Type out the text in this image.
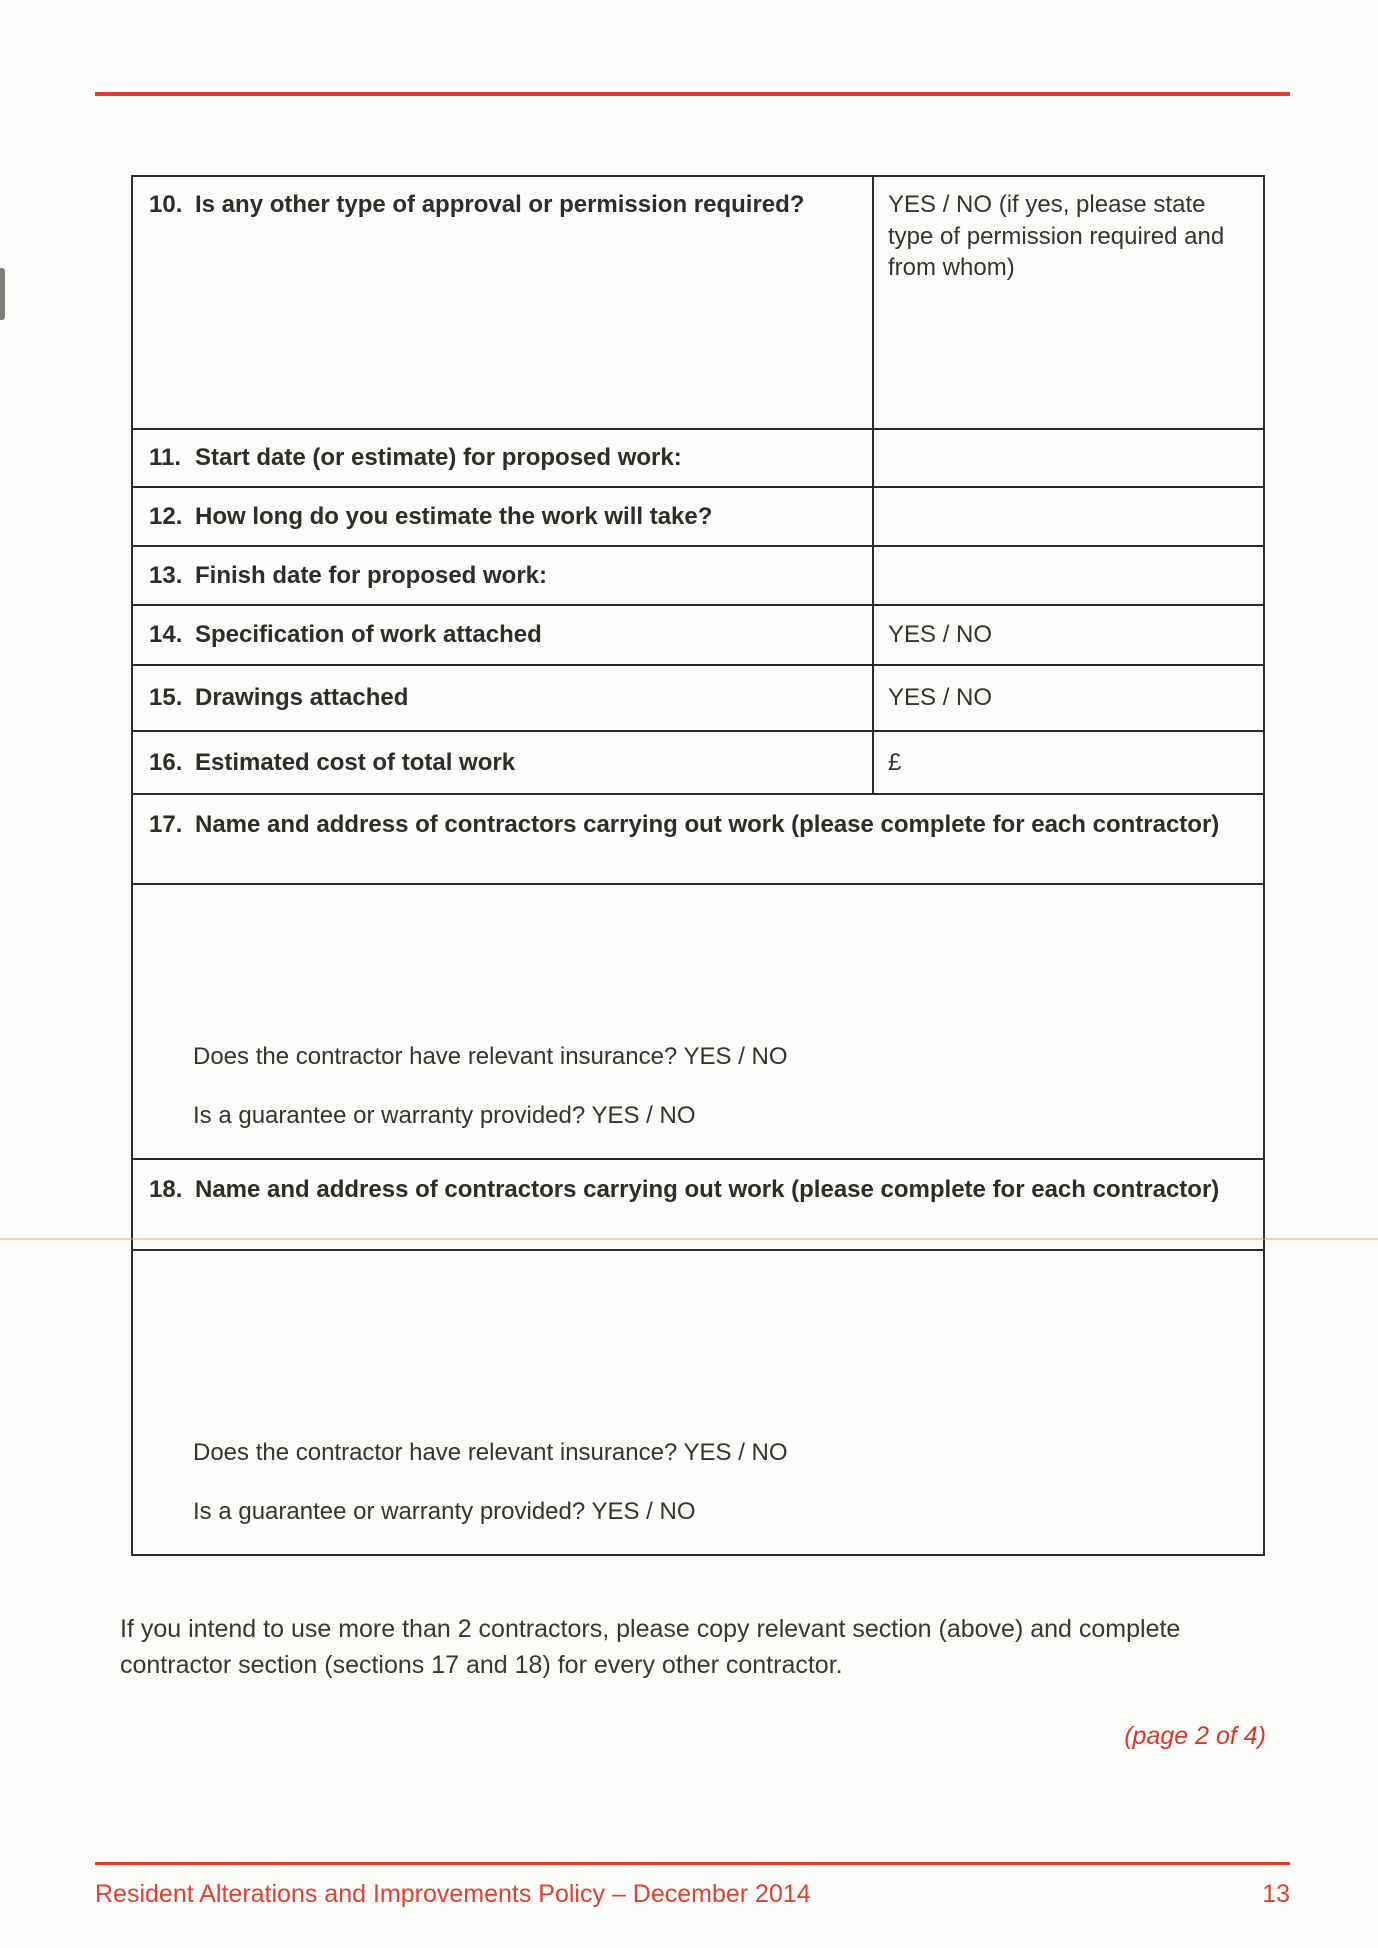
10. Is any other type of approval or permission required?	YES / NO (if yes, please state type of permission required and from whom)
11. Start date (or estimate) for proposed work:
12. How long do you estimate the work will take?
13. Finish date for proposed work:
14. Specification of work attached	YES / NO
15. Drawings attached	YES / NO
16. Estimated cost of total work	£
17. Name and address of contractors carrying out work (please complete for each contractor)
Does the contractor have relevant insurance? YES / NO
Is a guarantee or warranty provided? YES / NO
18. Name and address of contractors carrying out work (please complete for each contractor)
Does the contractor have relevant insurance? YES / NO
Is a guarantee or warranty provided? YES / NO

If you intend to use more than 2 contractors, please copy relevant section (above) and complete contractor section (sections 17 and 18) for every other contractor.

(page 2 of 4)

Resident Alterations and Improvements Policy – December 2014	13
